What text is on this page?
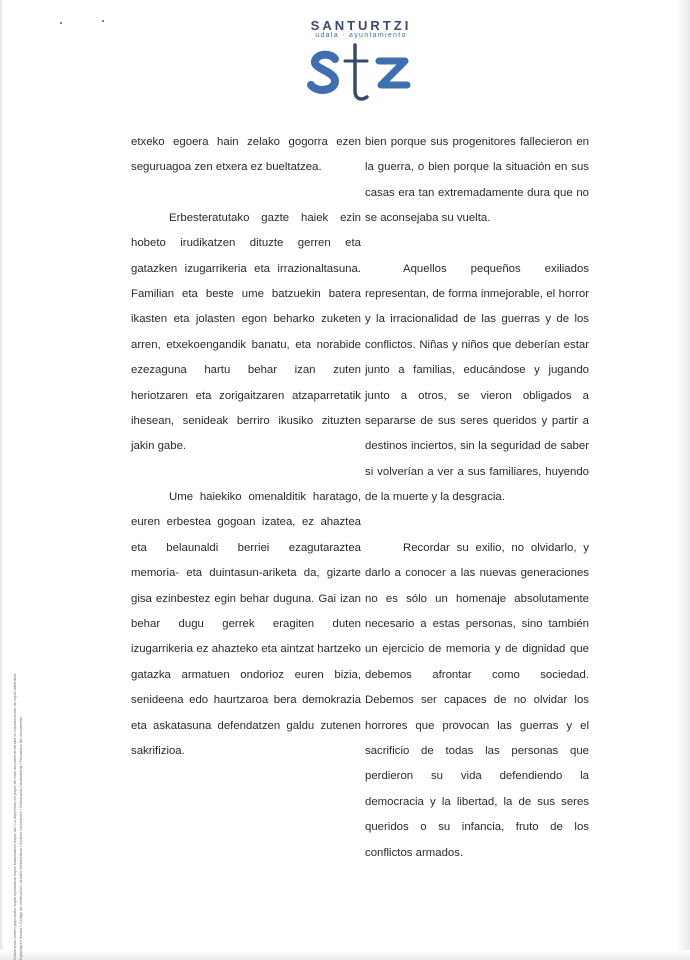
SANTURTZI
udala · ayuntamiento
Dokumentu honen paperezko kopia inprimatua kopia kautotuaren kopia da / La impresión en papel de este documento tendrá la consideración de copia auténtica. Egiaztapen kodea / Código de verificación: Artxibo elektronikoa / Archivo electrónico / Dokumentu sinatzaileak / Firmantes del documento

etxeko egoera hain zelako gogorra ezen seguruagoa zen etxera ez bueltatzea.

Erbesteratutako gazte haiek ezin hobeto irudikatzen dituzte gerren eta gatazken izugarrikeria eta irrazionaltasuna. Familian eta beste ume batzuekin batera ikasten eta jolasten egon beharko zuketen arren, etxekoengandik banatu, eta norabide ezezaguna hartu behar izan zuten heriotzaren eta zorigaitzaren atzaparretatik ihesean, senideak berriro ikusiko zituzten jakin gabe.

Ume haiekiko omenalditik haratago, euren erbestea gogoan izatea, ez ahaztea eta belaunaldi berriei ezagutaraztea memoria- eta duintasun-ariketa da, gizarte gisa ezinbestez egin behar duguna. Gai izan behar dugu gerrek eragiten duten izugarrikeria ez ahazteko eta aintzat hartzeko gatazka armatuen ondorioz euren bizia, senideena edo haurtzaroa bera demokrazia eta askatasuna defendatzen galdu zutenen sakrifizioa.

bien porque sus progenitores fallecieron en la guerra, o bien porque la situación en sus casas era tan extremadamente dura que no se aconsejaba su vuelta.

Aquellos pequeños exiliados representan, de forma inmejorable, el horror y la irracionalidad de las guerras y de los conflictos. Niñas y niños que deberían estar junto a familias, educándose y jugando junto a otros, se vieron obligados a separarse de sus seres queridos y partir a destinos inciertos, sin la seguridad de saber si volverían a ver a sus familiares, huyendo de la muerte y la desgracia.

Recordar su exilio, no olvidarlo, y darlo a conocer a las nuevas generaciones no es sólo un homenaje absolutamente necesario a estas personas, sino también un ejercicio de memoria y de dignidad que debemos afrontar como sociedad. Debemos ser capaces de no olvidar los horrores que provocan las guerras y el sacrificio de todas las personas que perdieron su vida defendiendo la democracia y la libertad, la de sus seres queridos o su infancia, fruto de los conflictos armados.
